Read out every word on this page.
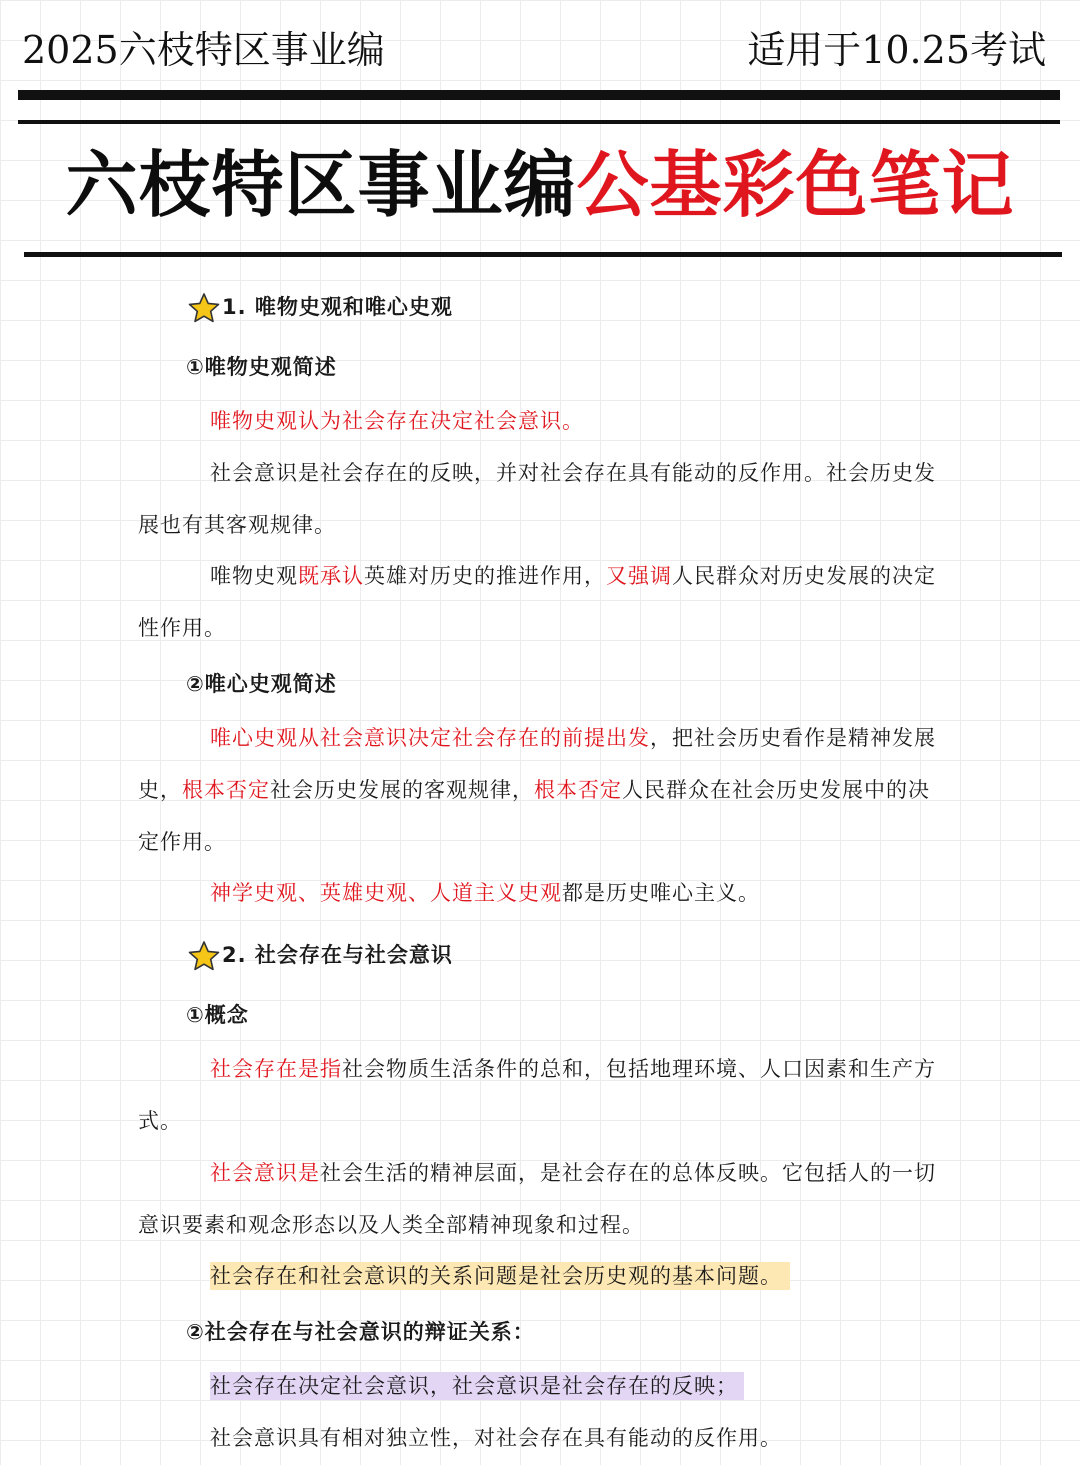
2025六枝特区事业编	适用于10.25考试
六枝特区事业编公基彩色笔记

1. 唯物史观和唯心史观

①唯物史观简述

唯物史观认为社会存在决定社会意识。

社会意识是社会存在的反映，并对社会存在具有能动的反作用。社会历史发展也有其客观规律。

唯物史观既承认英雄对历史的推进作用，又强调人民群众对历史发展的决定性作用。

②唯心史观简述

唯心史观从社会意识决定社会存在的前提出发，把社会历史看作是精神发展史，根本否定社会历史发展的客观规律，根本否定人民群众在社会历史发展中的决定作用。

神学史观、英雄史观、人道主义史观都是历史唯心主义。

2. 社会存在与社会意识

①概念

社会存在是指社会物质生活条件的总和，包括地理环境、人口因素和生产方式。

社会意识是社会生活的精神层面，是社会存在的总体反映。它包括人的一切意识要素和观念形态以及人类全部精神现象和过程。

社会存在和社会意识的关系问题是社会历史观的基本问题。

②社会存在与社会意识的辩证关系：

社会存在决定社会意识，社会意识是社会存在的反映；

社会意识具有相对独立性，对社会存在具有能动的反作用。
